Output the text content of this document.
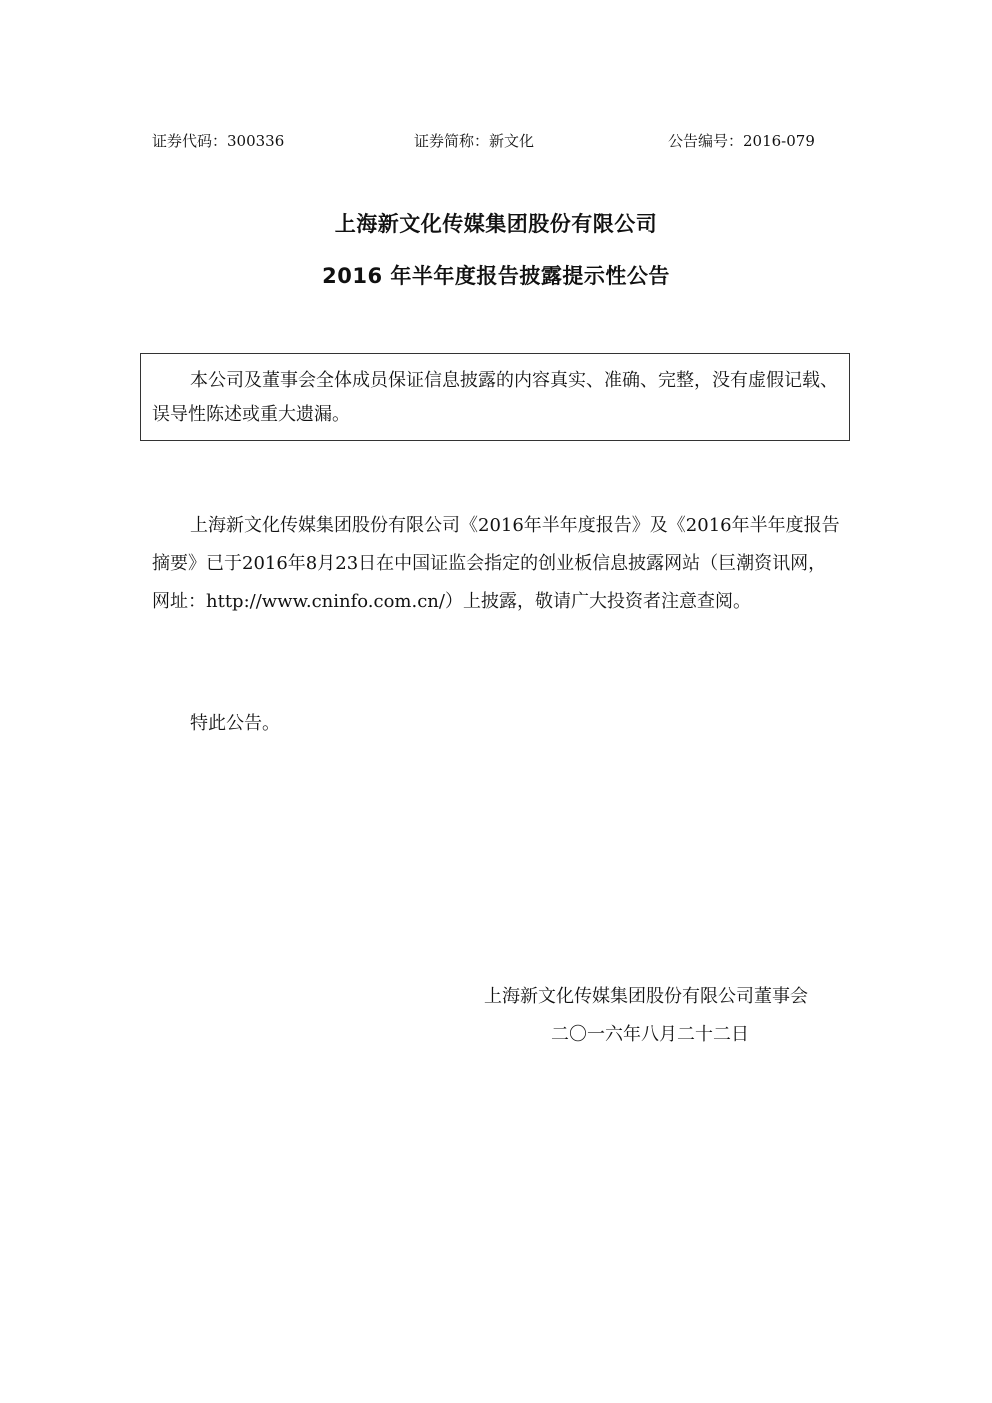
证券代码：300336	证券简称：新文化	公告编号：2016-079
上海新文化传媒集团股份有限公司
2016 年半年度报告披露提示性公告

本公司及董事会全体成员保证信息披露的内容真实、准确、完整，没有虚假记载、误导性陈述或重大遗漏。

上海新文化传媒集团股份有限公司《2016年半年度报告》及《2016年半年度报告摘要》已于2016年8月23日在中国证监会指定的创业板信息披露网站（巨潮资讯网，网址：http://www.cninfo.com.cn/）上披露，敬请广大投资者注意查阅。

特此公告。

上海新文化传媒集团股份有限公司董事会
二〇一六年八月二十二日
